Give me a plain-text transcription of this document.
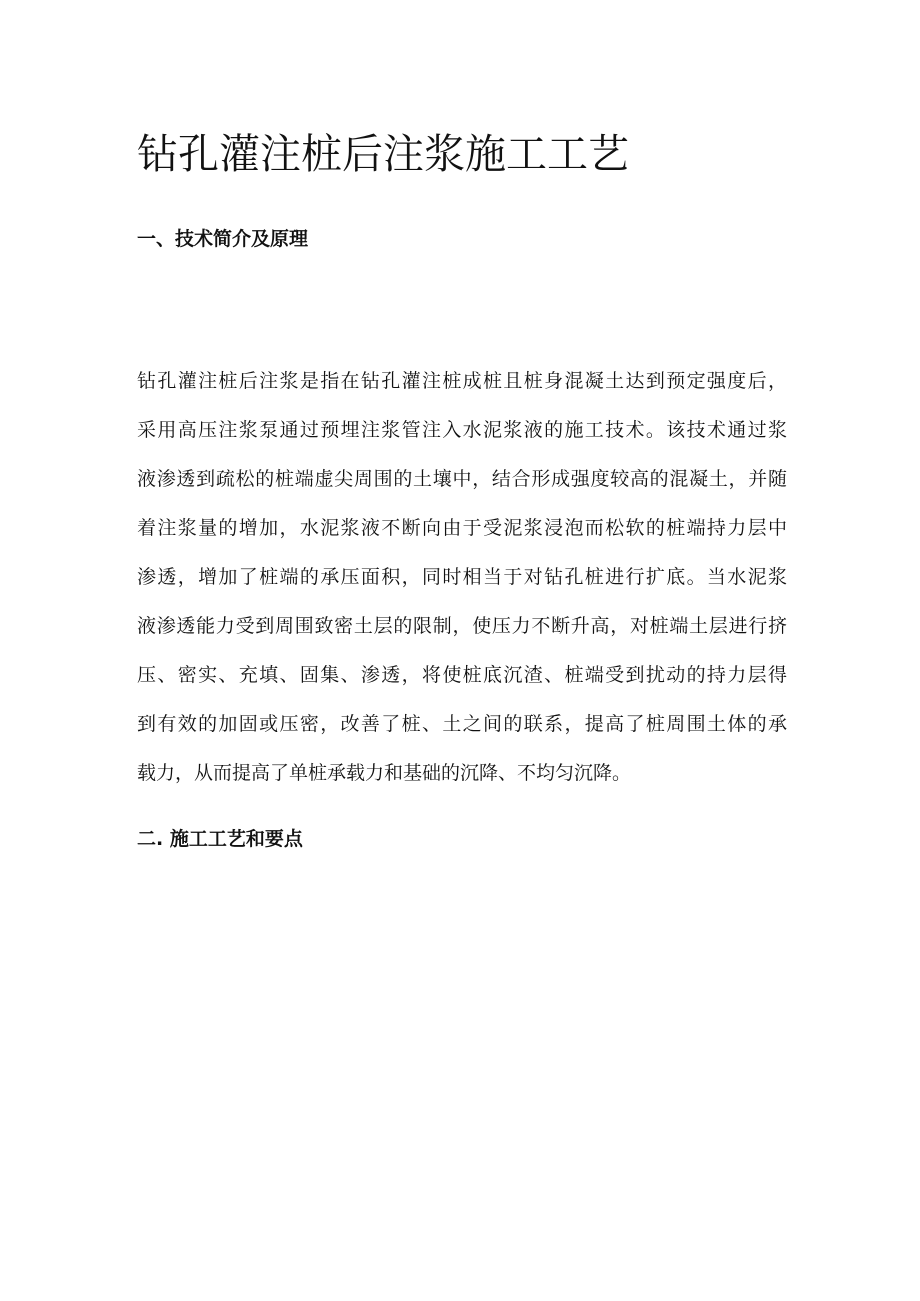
钻孔灌注桩后注浆施工工艺
一、技术简介及原理

钻孔灌注桩后注浆是指在钻孔灌注桩成桩且桩身混凝土达到预定强度后，
采用高压注浆泵通过预埋注浆管注入水泥浆液的施工技术。该技术通过浆
液渗透到疏松的桩端虚尖周围的土壤中，结合形成强度较高的混凝土，并随
着注浆量的增加，水泥浆液不断向由于受泥浆浸泡而松软的桩端持力层中
渗透，增加了桩端的承压面积，同时相当于对钻孔桩进行扩底。当水泥浆
液渗透能力受到周围致密土层的限制，使压力不断升高，对桩端土层进行挤
压、密实、充填、固集、渗透，将使桩底沉渣、桩端受到扰动的持力层得
到有效的加固或压密，改善了桩、土之间的联系，提高了桩周围土体的承
载力，从而提高了单桩承载力和基础的沉降、不均匀沉降。

二. 施工工艺和要点
